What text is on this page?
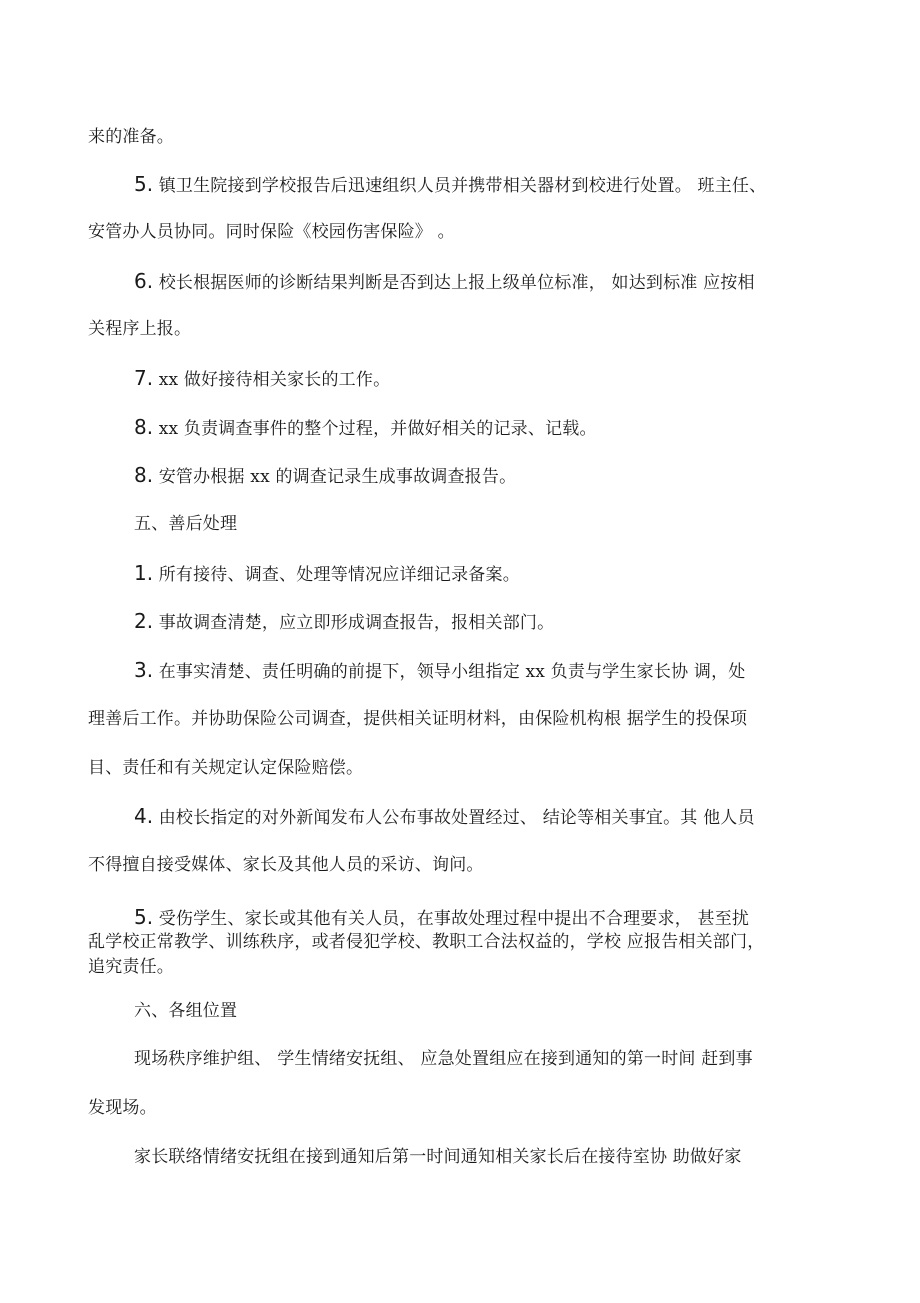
来的准备。
5. 镇卫生院接到学校报告后迅速组织人员并携带相关器材到校进行处置。 班主任、
安管办人员协同。同时保险《校园伤害保险》 。
6. 校长根据医师的诊断结果判断是否到达上报上级单位标准， 如达到标准 应按相
关程序上报。
7. xx 做好接待相关家长的工作。
8. xx 负责调查事件的整个过程，并做好相关的记录、记载。
8. 安管办根据 xx 的调查记录生成事故调查报告。
五、善后处理
1. 所有接待、调查、处理等情况应详细记录备案。
2. 事故调查清楚，应立即形成调查报告，报相关部门。
3. 在事实清楚、责任明确的前提下，领导小组指定 xx 负责与学生家长协 调，处
理善后工作。并协助保险公司调查，提供相关证明材料，由保险机构根 据学生的投保项
目、责任和有关规定认定保险赔偿。
4. 由校长指定的对外新闻发布人公布事故处置经过、 结论等相关事宜。其 他人员
不得擅自接受媒体、家长及其他人员的采访、询问。
5. 受伤学生、家长或其他有关人员，在事故处理过程中提出不合理要求， 甚至扰
乱学校正常教学、训练秩序，或者侵犯学校、教职工合法权益的，学校 应报告相关部门，
追究责任。
六、各组位置
现场秩序维护组、 学生情绪安抚组、 应急处置组应在接到通知的第一时间 赶到事
发现场。
家长联络情绪安抚组在接到通知后第一时间通知相关家长后在接待室协 助做好家
